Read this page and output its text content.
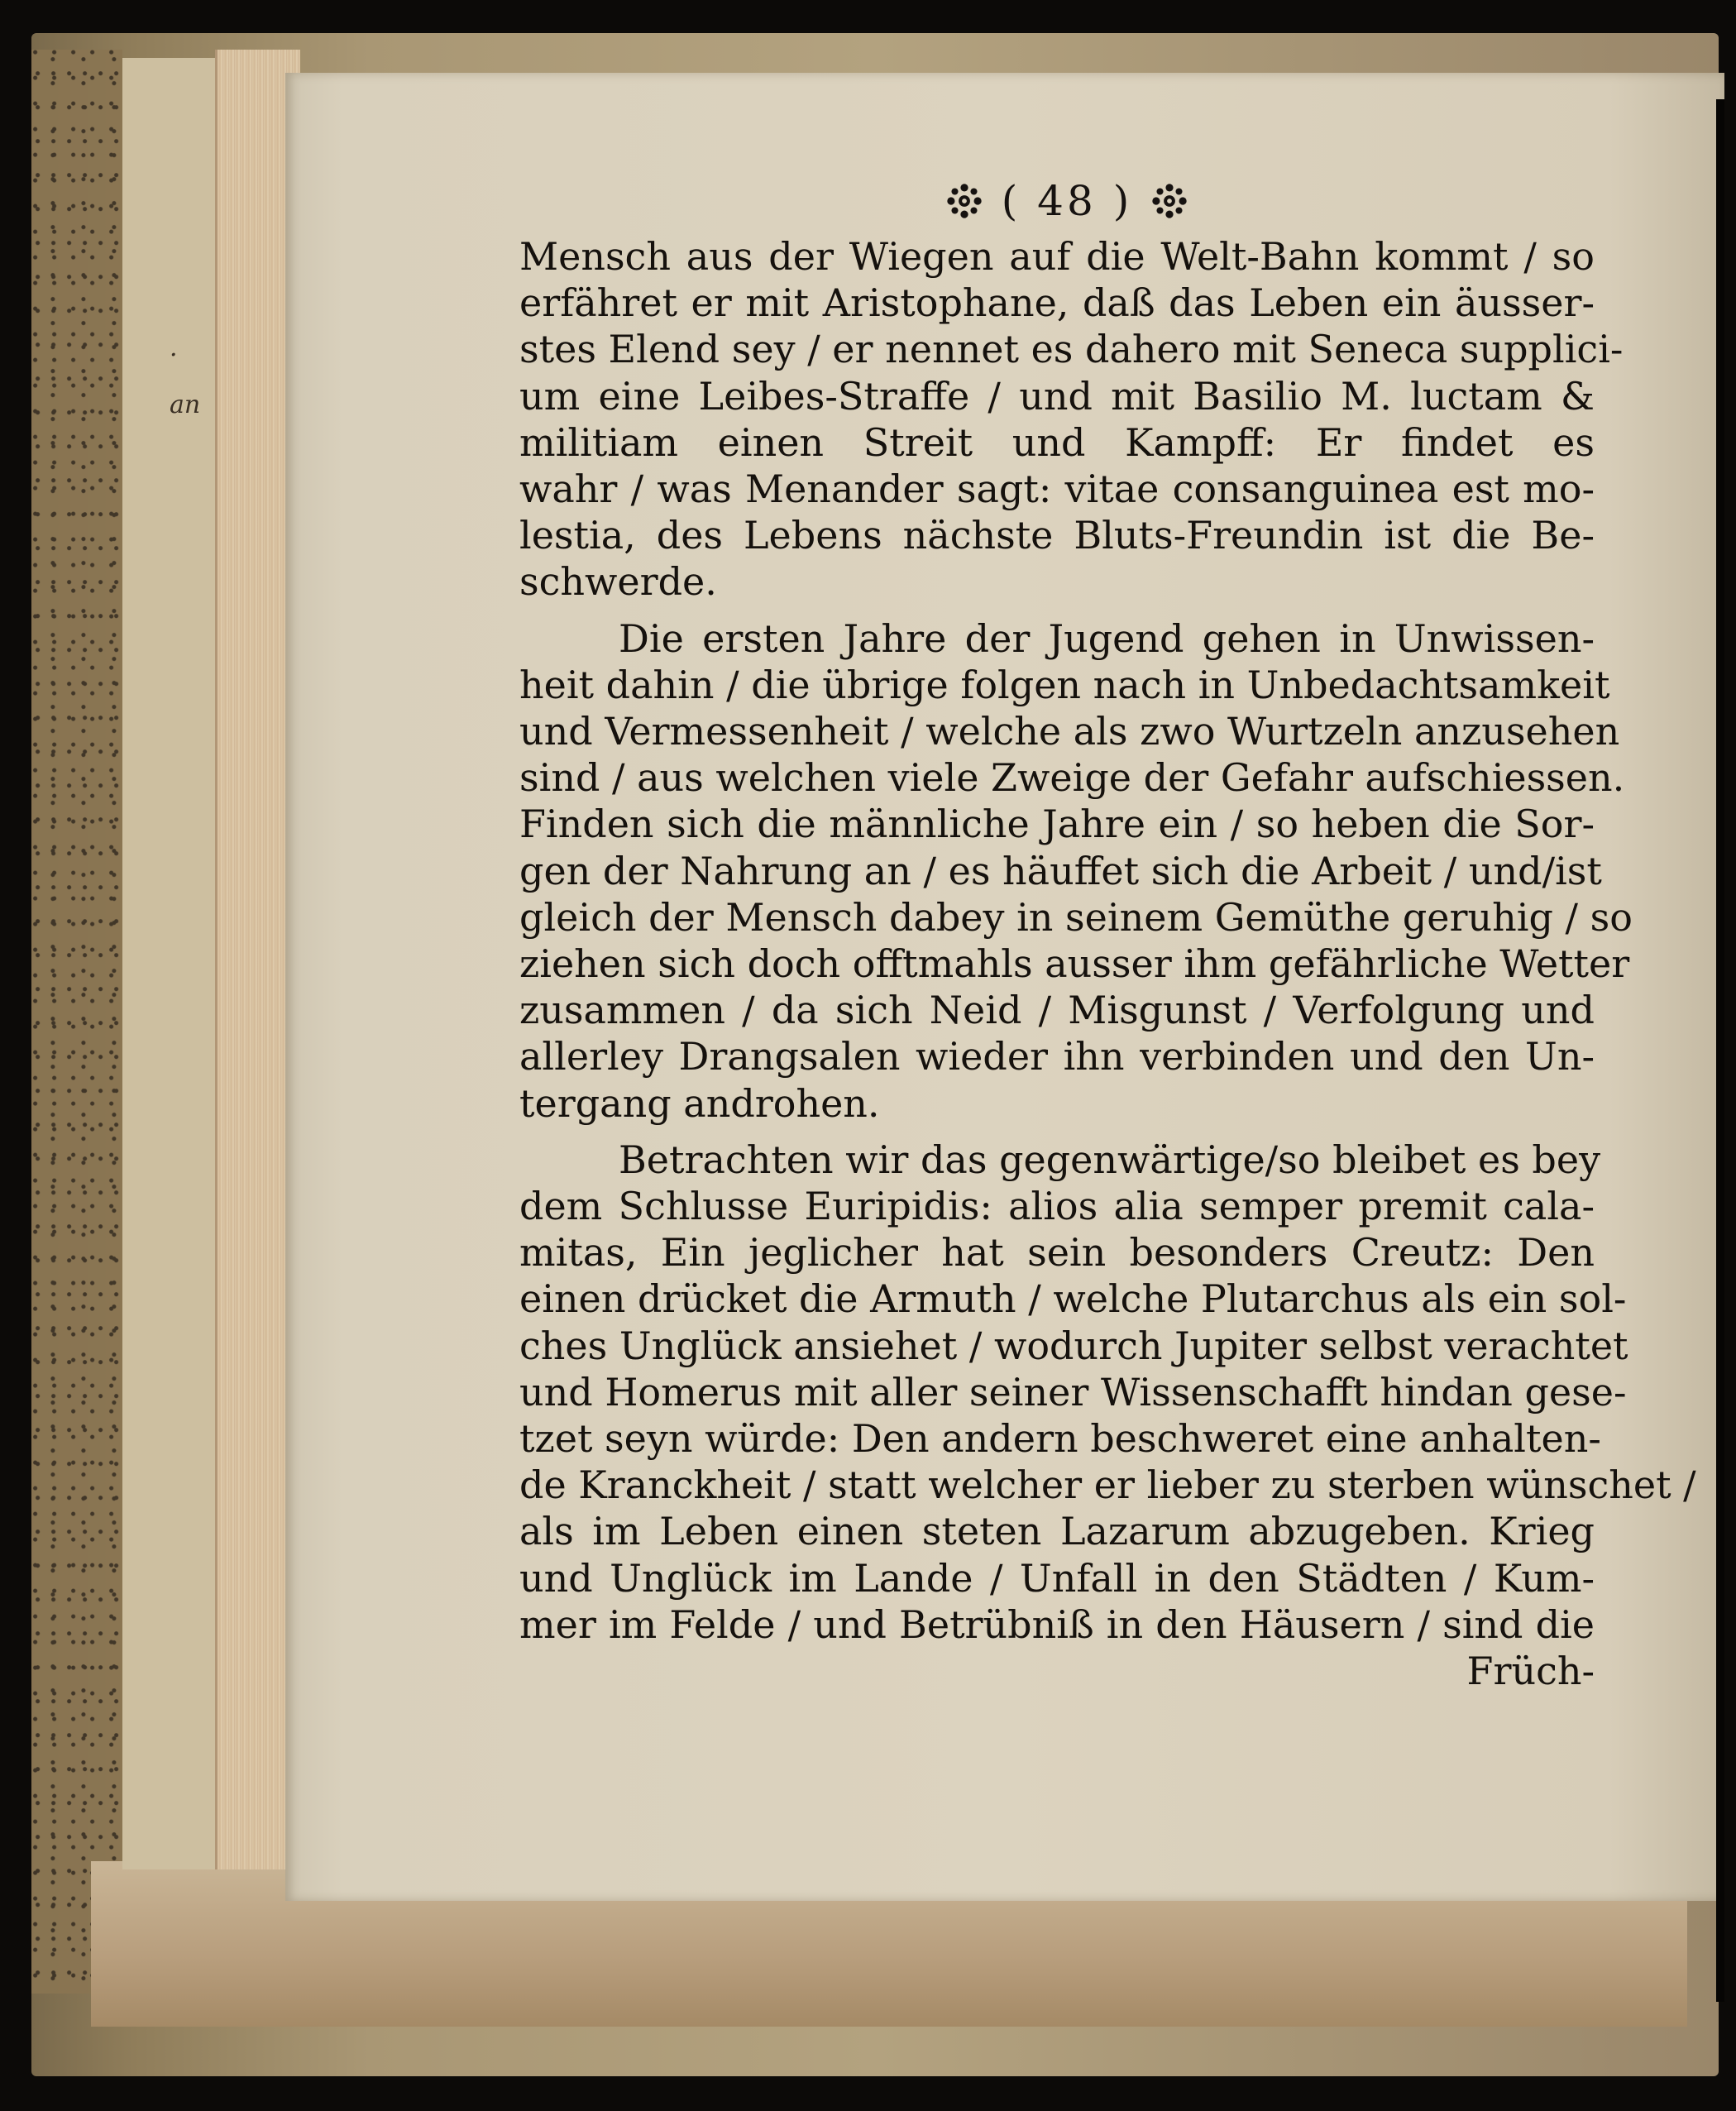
·
an
( 48 )
Mensch aus der Wiegen auf die Welt-Bahn kommt / so
erfähret er mit Aristophane, daß das Leben ein äusser-
stes Elend sey / er nennet es dahero mit Seneca supplici-
um eine Leibes-Straffe / und mit Basilio M. luctam &
militiam einen Streit und Kampff: Er findet es
wahr / was Menander sagt: vitae consanguinea est mo-
lestia, des Lebens nächste Bluts-Freundin ist die Be-
schwerde.
Die ersten Jahre der Jugend gehen in Unwissen-
heit dahin / die übrige folgen nach in Unbedachtsamkeit
und Vermessenheit / welche als zwo Wurtzeln anzusehen
sind / aus welchen viele Zweige der Gefahr aufschiessen.
Finden sich die männliche Jahre ein / so heben die Sor-
gen der Nahrung an / es häuffet sich die Arbeit / und/ist
gleich der Mensch dabey in seinem Gemüthe geruhig / so
ziehen sich doch offtmahls ausser ihm gefährliche Wetter
zusammen / da sich Neid / Misgunst / Verfolgung und
allerley Drangsalen wieder ihn verbinden und den Un-
tergang androhen.
Betrachten wir das gegenwärtige/so bleibet es bey
dem Schlusse Euripidis: alios alia semper premit cala-
mitas, Ein jeglicher hat sein besonders Creutz: Den
einen drücket die Armuth / welche Plutarchus als ein sol-
ches Unglück ansiehet / wodurch Jupiter selbst verachtet
und Homerus mit aller seiner Wissenschafft hindan gese-
tzet seyn würde: Den andern beschweret eine anhalten-
de Kranckheit / statt welcher er lieber zu sterben wünschet /
als im Leben einen steten Lazarum abzugeben. Krieg
und Unglück im Lande / Unfall in den Städten / Kum-
mer im Felde / und Betrübniß in den Häusern / sind die
Früch-
